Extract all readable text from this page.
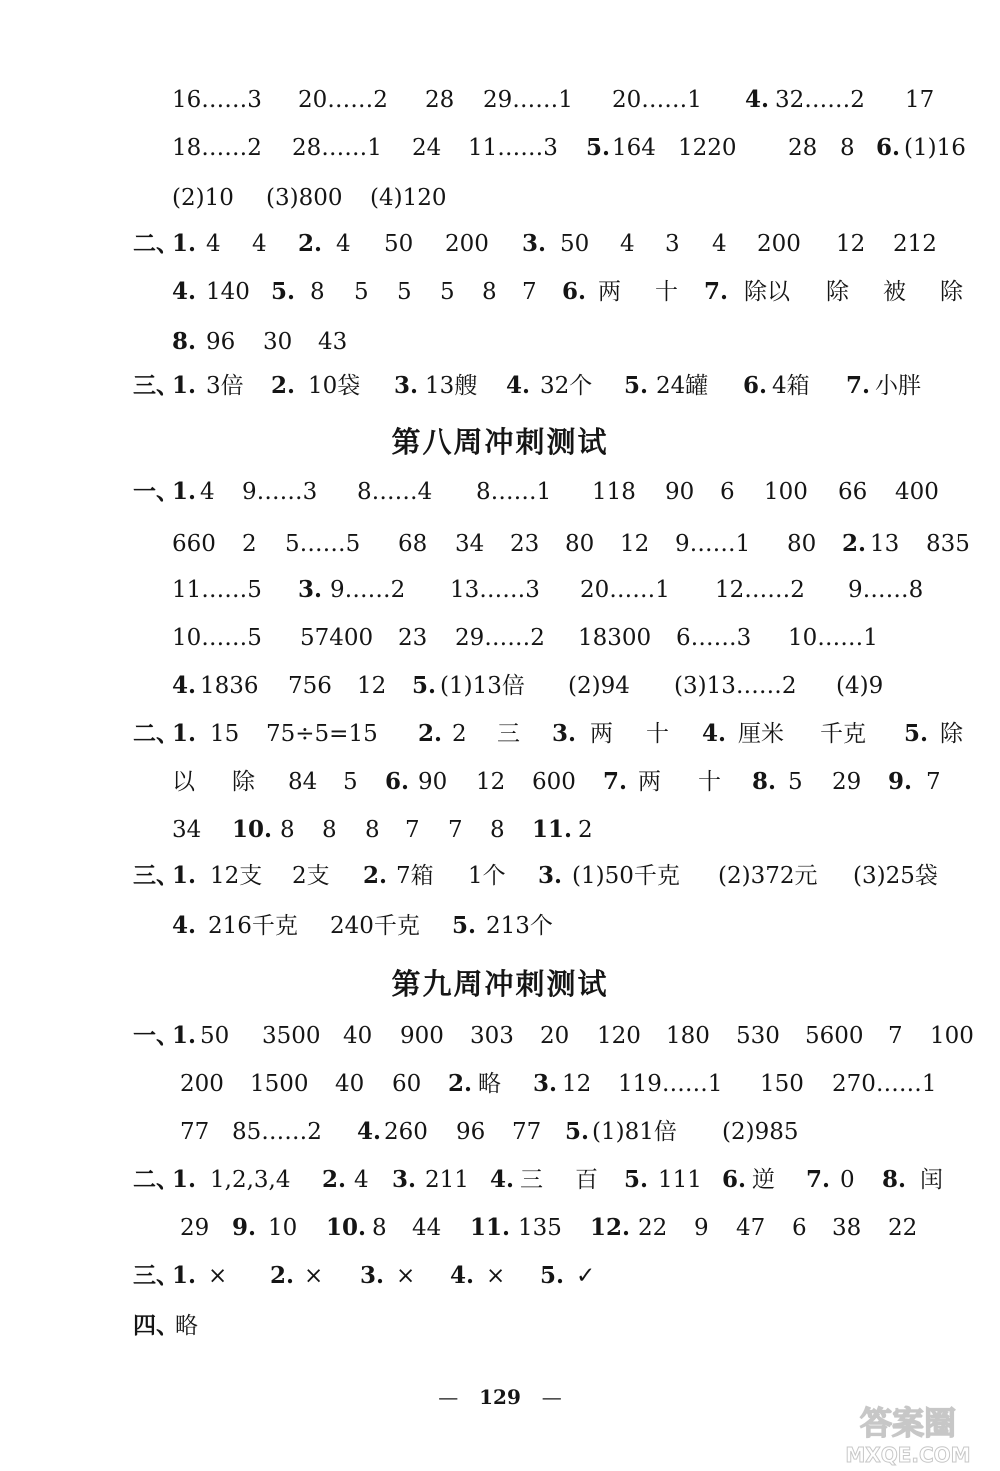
16……3 20……2 28 29……1 20……1 4. 32……2 17
18……2 28……1 24 11……3 5. 164 1220 28 8 6. (1)16
(2)10 (3)800 (4)120
二、
1. 4 4 2. 4 50 200 3. 50 4 3 4 200 12 212
4. 140 5. 8 5 5 5 8 7 6. 两 十 7. 除以 除 被 除
8. 96 30 43
三、
1. 3倍 2. 10袋 3. 13艘 4. 32个 5. 24罐 6. 4箱 7. 小胖
一、
1. 4 9……3 8……4 8……1 118 90 6 100 66 400
660 2 5……5 68 34 23 80 12 9……1 80 2. 13 835
11……5 3. 9……2 13……3 20……1 12……2 9……8
10……5 57400 23 29……2 18300 6……3 10……1
4. 1836 756 12 5. (1)13倍 (2)94 (3)13……2 (4)9
二、
1. 15 75÷5=15 2. 2 三 3. 两 十 4. 厘米 千克 5. 除
以 除 84 5 6. 90 12 600 7. 两 十 8. 5 29 9. 7
34 10. 8 8 8 7 7 8 11. 2
三、
1. 12支 2支 2. 7箱 1个 3. (1)50千克 (2)372元 (3)25袋
4. 216千克 240千克 5. 213个
一、
1. 50 3500 40 900 303 20 120 180 530 5600 7 100
200 1500 40 60 2. 略 3. 12 119……1 150 270……1
77 85……2 4. 260 96 77 5. (1)81倍 (2)985
二、
1. 1,2,3,4 2. 4 3. 211 4. 三 百 5. 111 6. 逆 7. 0 8. 闰
29 9. 10 10. 8 44 11. 135 12. 22 9 47 6 38 22
三、
1. × 2. × 3. × 4. × 5. ✓
四、
略
第八周冲刺测试
第九周冲刺测试
— 129 —
答案圈
MXQE.COM
